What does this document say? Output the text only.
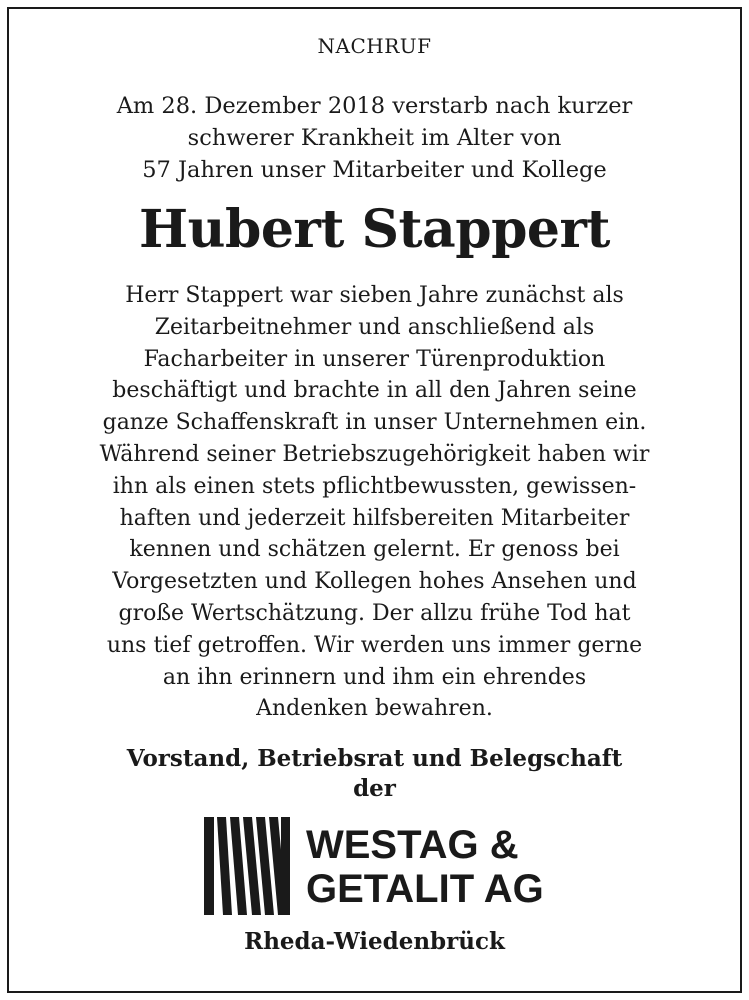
NACHRUF
Am 28. Dezember 2018 verstarb nach kurzer
schwerer Krankheit im Alter von
57 Jahren unser Mitarbeiter und Kollege
Hubert Stappert
Herr Stappert war sieben Jahre zunächst als
Zeitarbeitnehmer und anschließend als
Facharbeiter in unserer Türenproduktion
beschäftigt und brachte in all den Jahren seine
ganze Schaffenskraft in unser Unternehmen ein.
Während seiner Betriebszugehörigkeit haben wir
ihn als einen stets pflichtbewussten, gewissen-
haften und jederzeit hilfsbereiten Mitarbeiter
kennen und schätzen gelernt. Er genoss bei
Vorgesetzten und Kollegen hohes Ansehen und
große Wertschätzung. Der allzu frühe Tod hat
uns tief getroffen. Wir werden uns immer gerne
an ihn erinnern und ihm ein ehrendes
Andenken bewahren.
Vorstand, Betriebsrat und Belegschaft
der
WESTAG &
GETALIT AG
Rheda-Wiedenbrück
